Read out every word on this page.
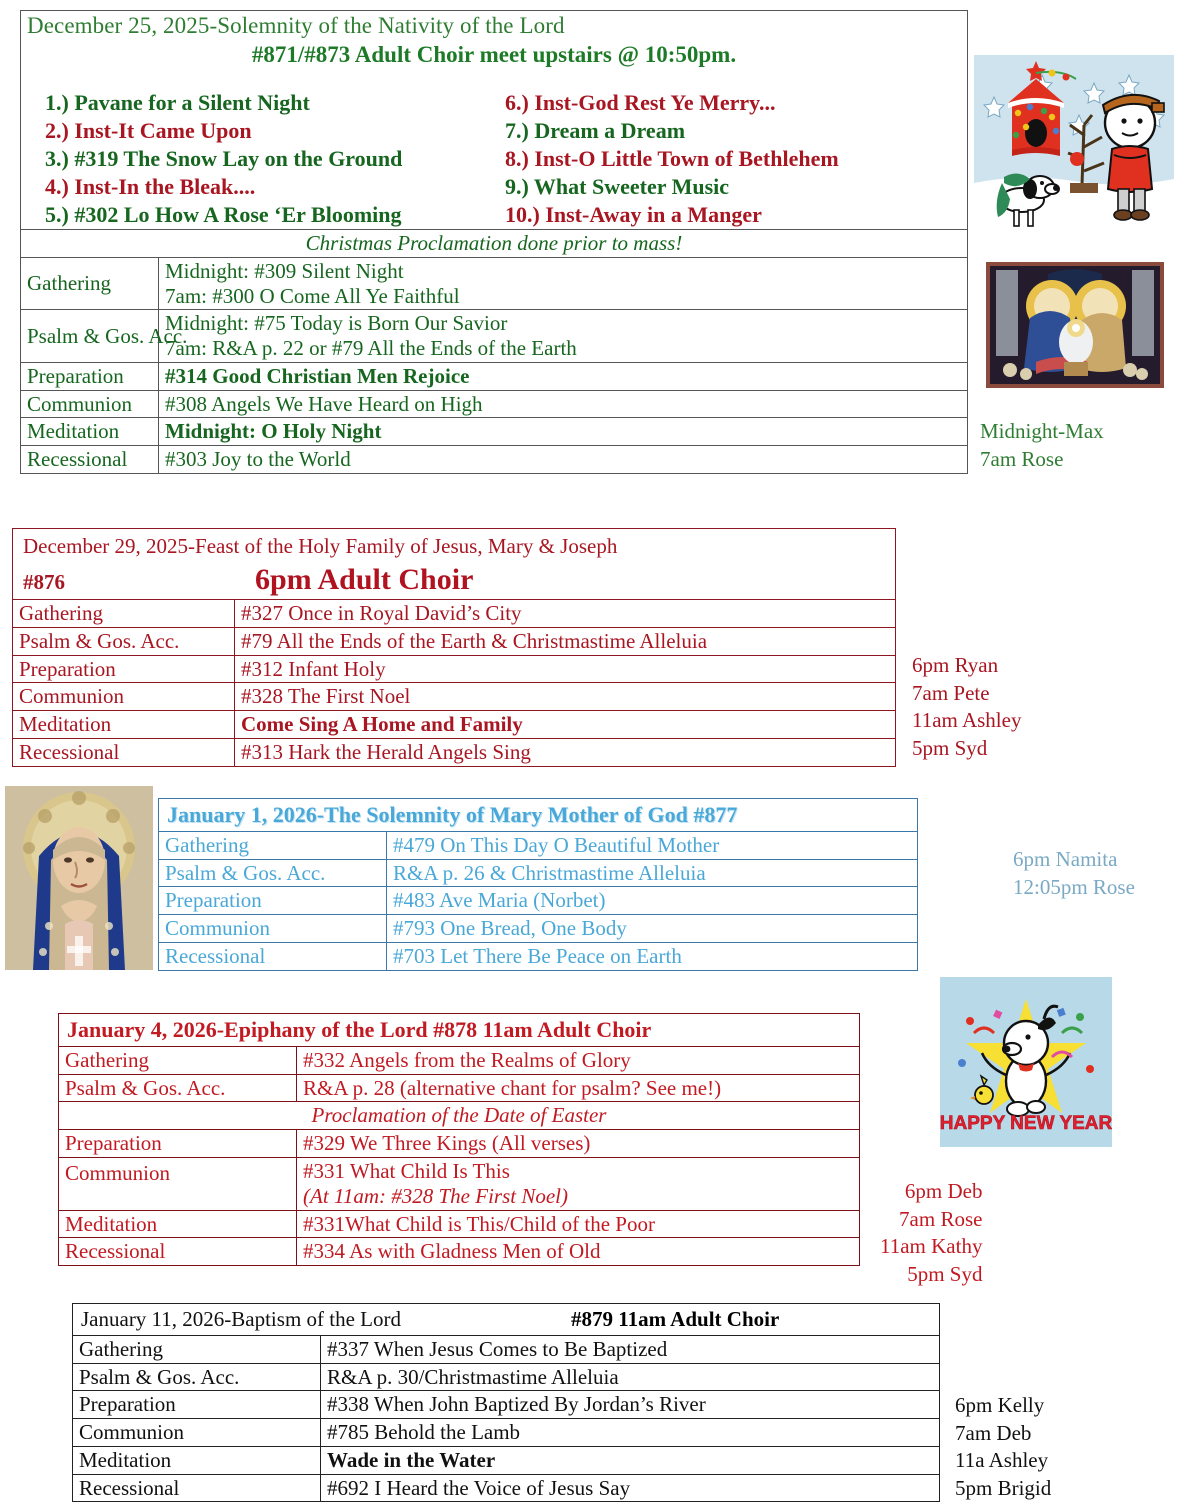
December 25, 2025-Solemnity of the Nativity of the Lord
#871/#873 Adult Choir meet upstairs @ 10:50pm.
1.) Pavane for a Silent Night	6.) Inst-God Rest Ye Merry...
2.) Inst-It Came Upon	7.) Dream a Dream
3.) #319 The Snow Lay on the Ground	8.) Inst-O Little Town of Bethlehem
4.) Inst-In the Bleak....	9.) What Sweeter Music
5.) #302 Lo How A Rose ‘Er Blooming	10.) Inst-Away in a Manger

Christmas Proclamation done prior to mass!	
Gathering	Midnight: #309 Silent Night
7am: #300 O Come All Ye Faithful

Psalm & Gos. Acc.	Midnight: #75 Today is Born Our Savior
7am: R&A p. 22 or #79 All the Ends of the Earth

Preparation	#314 Good Christian Men Rejoice
Communion	#308 Angels We Have Heard on High
Meditation	Midnight: O Holy Night
Recessional	#303 Joy to the World
Midnight-Max
7am Rose
December 29, 2025-Feast of the Holy Family of Jesus, Mary & Joseph
#876 6pm Adult Choir	

Gathering	#327 Once in Royal David’s City
Psalm & Gos. Acc.	#79 All the Ends of the Earth & Christmastime Alleluia
Preparation	#312 Infant Holy
Communion	#328 The First Noel
Meditation	Come Sing A Home and Family
Recessional	#313 Hark the Herald Angels Sing
6pm Ryan
7am Pete
11am Ashley
5pm Syd
January 1, 2026-The Solemnity of Mary Mother of God #877	
Gathering	#479 On This Day O Beautiful Mother
Psalm & Gos. Acc.	R&A p. 26 & Christmastime Alleluia
Preparation	#483 Ave Maria (Norbet)
Communion	#793 One Bread, One Body
Recessional	#703 Let There Be Peace on Earth
6pm Namita
12:05pm Rose
January 4, 2026-Epiphany of the Lord #878 11am Adult Choir	
Gathering	#332 Angels from the Realms of Glory
Psalm & Gos. Acc.	R&A p. 28 (alternative chant for psalm? See me!)
Proclamation of the Date of Easter	
Preparation	#329 We Three Kings (All verses)
Communion	#331 What Child Is This
(At 11am: #328 The First Noel)

Meditation	#331What Child is This/Child of the Poor
Recessional	#334 As with Gladness Men of Old
HAPPY NEW YEAR
6pm Deb
7am Rose
11am Kathy
5pm Syd
January 11, 2026-Baptism of the Lord #879 11am Adult Choir	

Gathering	#337 When Jesus Comes to Be Baptized
Psalm & Gos. Acc.	R&A p. 30/Christmastime Alleluia
Preparation	#338 When John Baptized By Jordan’s River
Communion	#785 Behold the Lamb
Meditation	Wade in the Water
Recessional	#692 I Heard the Voice of Jesus Say
6pm Kelly
7am Deb
11a Ashley
5pm Brigid
